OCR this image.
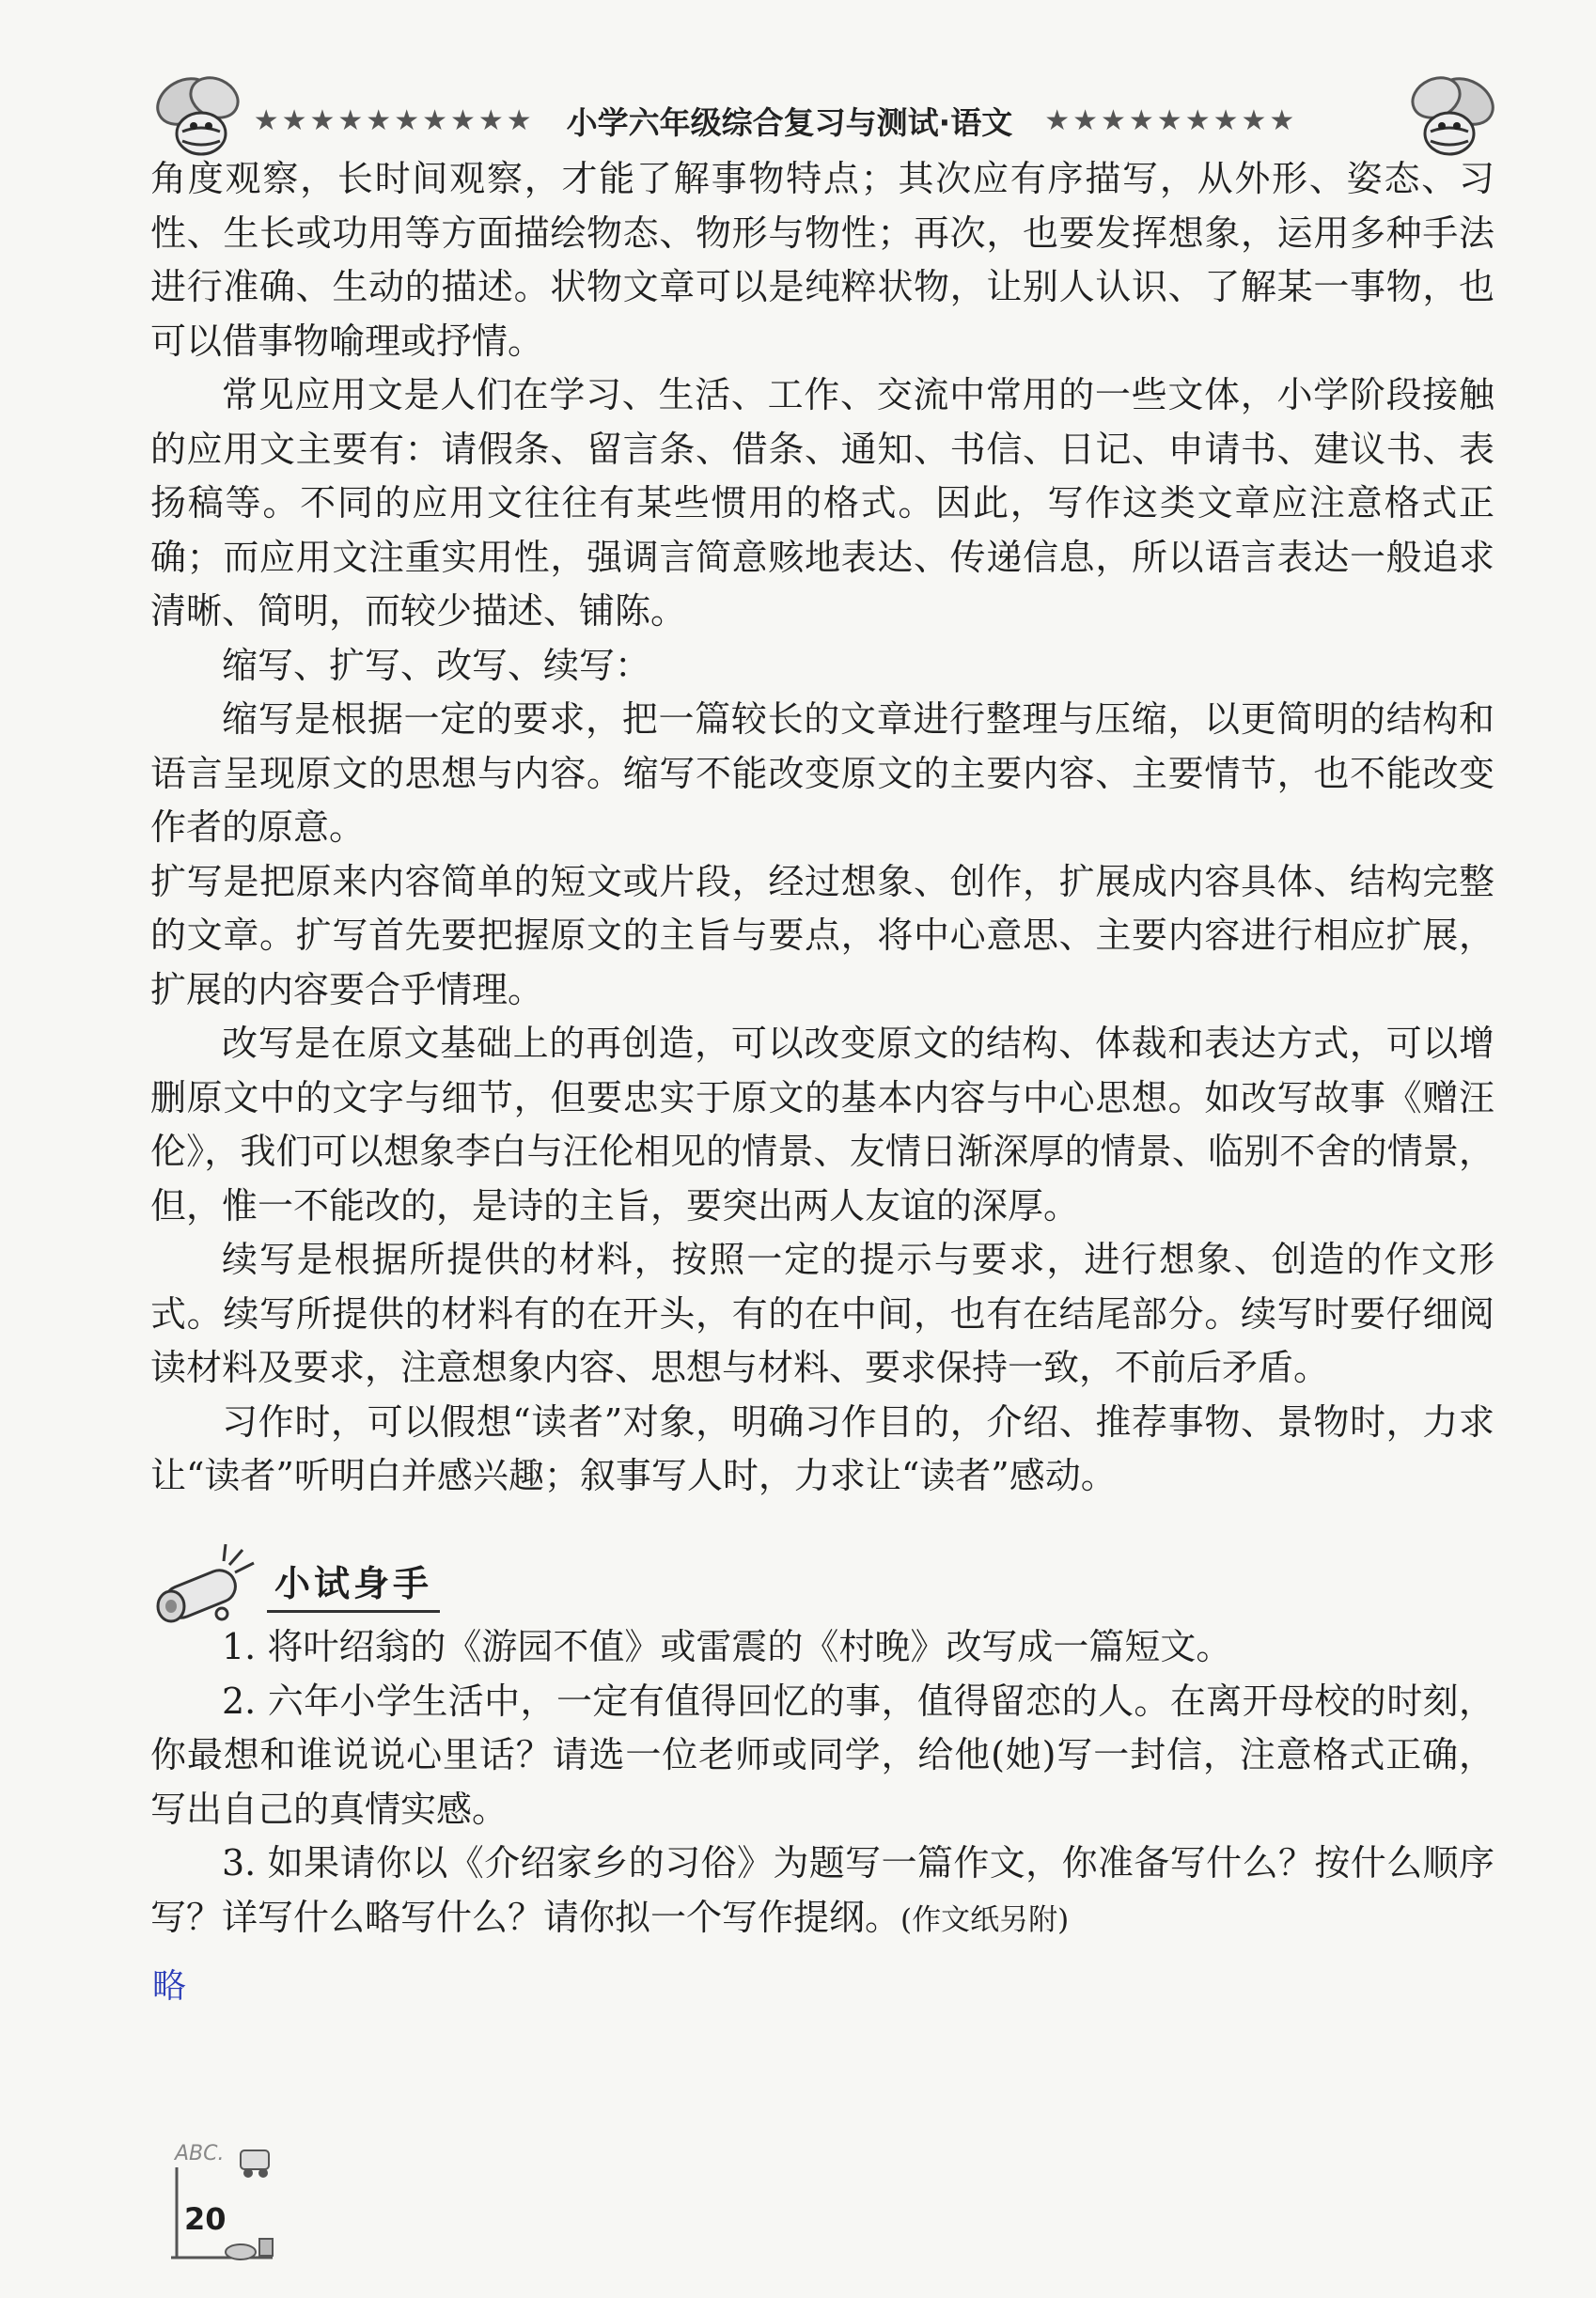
★★★★★★★★★★ 小学六年级综合复习与测试·语文 ★★★★★★★★★

角度观察，长时间观察，才能了解事物特点；其次应有序描写，从外形、姿态、习性、生长或功用等方面描绘物态、物形与物性；再次，也要发挥想象，运用多种手法进行准确、生动的描述。状物文章可以是纯粹状物，让别人认识、了解某一事物，也可以借事物喻理或抒情。

常见应用文是人们在学习、生活、工作、交流中常用的一些文体，小学阶段接触的应用文主要有：请假条、留言条、借条、通知、书信、日记、申请书、建议书、表扬稿等。不同的应用文往往有某些惯用的格式。因此，写作这类文章应注意格式正确；而应用文注重实用性，强调言简意赅地表达、传递信息，所以语言表达一般追求清晰、简明，而较少描述、铺陈。

缩写、扩写、改写、续写：

缩写是根据一定的要求，把一篇较长的文章进行整理与压缩，以更简明的结构和语言呈现原文的思想与内容。缩写不能改变原文的主要内容、主要情节，也不能改变作者的原意。

扩写是把原来内容简单的短文或片段，经过想象、创作，扩展成内容具体、结构完整的文章。扩写首先要把握原文的主旨与要点，将中心意思、主要内容进行相应扩展，扩展的内容要合乎情理。

改写是在原文基础上的再创造，可以改变原文的结构、体裁和表达方式，可以增删原文中的文字与细节，但要忠实于原文的基本内容与中心思想。如改写故事《赠汪伦》，我们可以想象李白与汪伦相见的情景、友情日渐深厚的情景、临别不舍的情景，但，惟一不能改的，是诗的主旨，要突出两人友谊的深厚。

续写是根据所提供的材料，按照一定的提示与要求，进行想象、创造的作文形式。续写所提供的材料有的在开头，有的在中间，也有在结尾部分。续写时要仔细阅读材料及要求，注意想象内容、思想与材料、要求保持一致，不前后矛盾。

习作时，可以假想“读者”对象，明确习作目的，介绍、推荐事物、景物时，力求让“读者”听明白并感兴趣；叙事写人时，力求让“读者”感动。

小试身手

1. 将叶绍翁的《游园不值》或雷震的《村晚》改写成一篇短文。

2. 六年小学生活中，一定有值得回忆的事，值得留恋的人。在离开母校的时刻，你最想和谁说说心里话？请选一位老师或同学，给他(她)写一封信，注意格式正确，写出自己的真情实感。

3. 如果请你以《介绍家乡的习俗》为题写一篇作文，你准备写什么？按什么顺序写？详写什么略写什么？请你拟一个写作提纲。(作文纸另附)

略
ABC.
20
